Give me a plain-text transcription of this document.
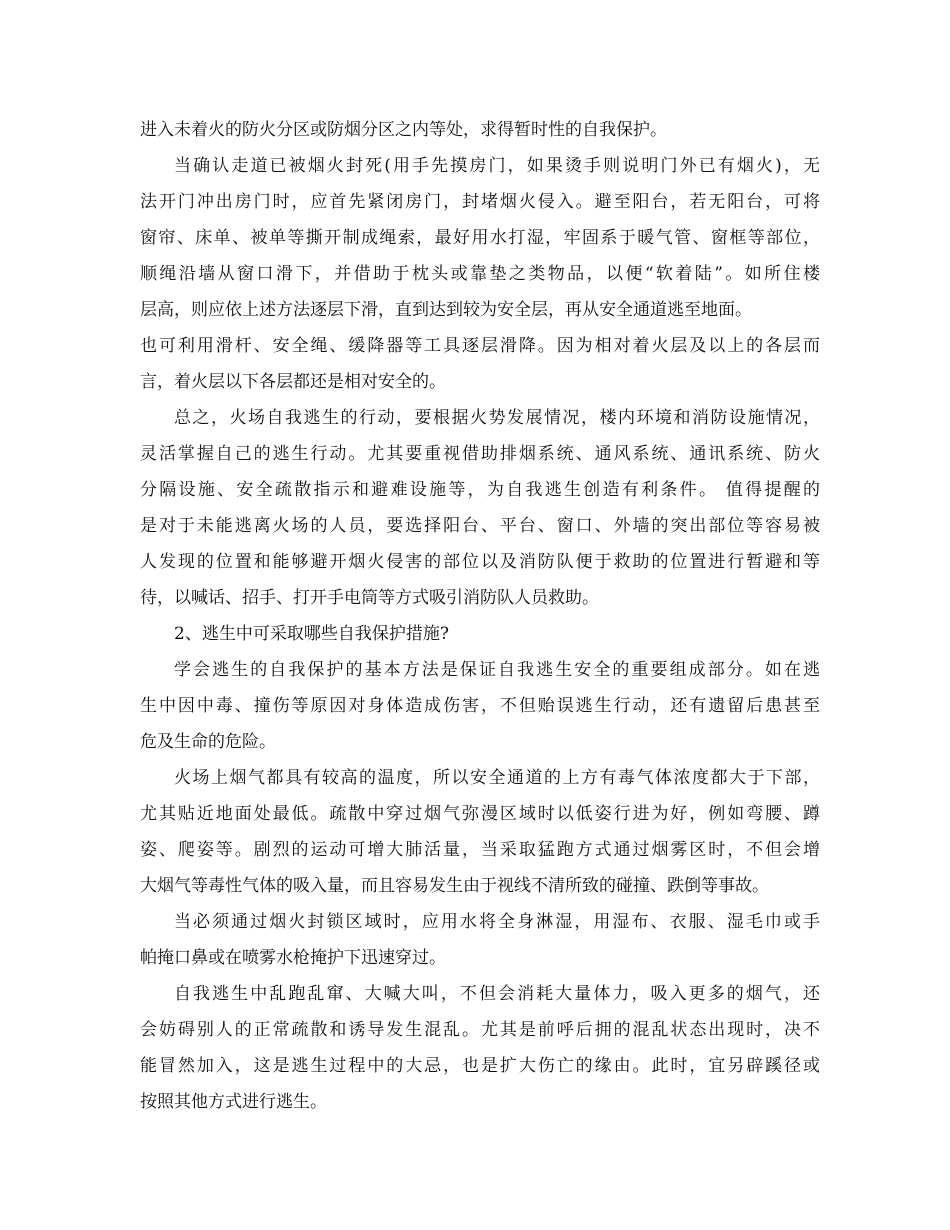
进入未着火的防火分区或防烟分区之内等处，求得暂时性的自我保护。
当确认走道已被烟火封死(用手先摸房门，如果烫手则说明门外已有烟火)，无
法开门冲出房门时，应首先紧闭房门，封堵烟火侵入。避至阳台，若无阳台，可将
窗帘、床单、被单等撕开制成绳索，最好用水打湿，牢固系于暖气管、窗框等部位，
顺绳沿墙从窗口滑下，并借助于枕头或靠垫之类物品，以便“软着陆”。如所住楼
层高，则应依上述方法逐层下滑，直到达到较为安全层，再从安全通道逃至地面。
也可利用滑杆、安全绳、缓降器等工具逐层滑降。因为相对着火层及以上的各层而
言，着火层以下各层都还是相对安全的。
总之，火场自我逃生的行动，要根据火势发展情况，楼内环境和消防设施情况，
灵活掌握自己的逃生行动。尤其要重视借助排烟系统、通风系统、通讯系统、防火
分隔设施、安全疏散指示和避难设施等，为自我逃生创造有利条件。 值得提醒的
是对于未能逃离火场的人员，要选择阳台、平台、窗口、外墙的突出部位等容易被
人发现的位置和能够避开烟火侵害的部位以及消防队便于救助的位置进行暂避和等
待，以喊话、招手、打开手电筒等方式吸引消防队人员救助。
2、逃生中可采取哪些自我保护措施?
学会逃生的自我保护的基本方法是保证自我逃生安全的重要组成部分。如在逃
生中因中毒、撞伤等原因对身体造成伤害，不但贻误逃生行动，还有遗留后患甚至
危及生命的危险。
火场上烟气都具有较高的温度，所以安全通道的上方有毒气体浓度都大于下部，
尤其贴近地面处最低。疏散中穿过烟气弥漫区域时以低姿行进为好，例如弯腰、蹲
姿、爬姿等。剧烈的运动可增大肺活量，当采取猛跑方式通过烟雾区时，不但会增
大烟气等毒性气体的吸入量，而且容易发生由于视线不清所致的碰撞、跌倒等事故。
当必须通过烟火封锁区域时，应用水将全身淋湿，用湿布、衣服、湿毛巾或手
帕掩口鼻或在喷雾水枪掩护下迅速穿过。
自我逃生中乱跑乱窜、大喊大叫，不但会消耗大量体力，吸入更多的烟气，还
会妨碍别人的正常疏散和诱导发生混乱。尤其是前呼后拥的混乱状态出现时，决不
能冒然加入，这是逃生过程中的大忌，也是扩大伤亡的缘由。此时，宜另辟蹊径或
按照其他方式进行逃生。
